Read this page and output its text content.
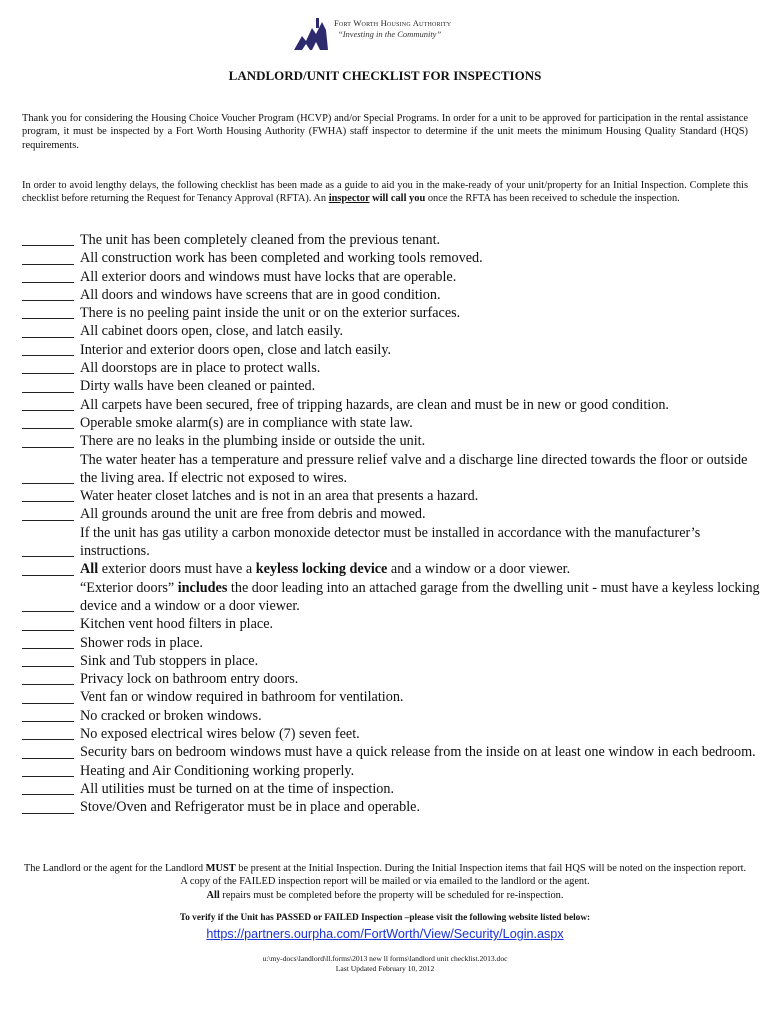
Fort Worth Housing Authority
“Investing in the Community”
LANDLORD/UNIT CHECKLIST FOR INSPECTIONS
Thank you for considering the Housing Choice Voucher Program (HCVP) and/or Special Programs. In order for a unit to be approved for participation in the rental assistance program, it must be inspected by a Fort Worth Housing Authority (FWHA) staff inspector to determine if the unit meets the minimum Housing Quality Standard (HQS) requirements.
In order to avoid lengthy delays, the following checklist has been made as a guide to aid you in the make-ready of your unit/property for an Initial Inspection. Complete this checklist before returning the Request for Tenancy Approval (RFTA). An inspector will call you once the RFTA has been received to schedule the inspection.
The unit has been completely cleaned from the previous tenant.
All construction work has been completed and working tools removed.
All exterior doors and windows must have locks that are operable.
All doors and windows have screens that are in good condition.
There is no peeling paint inside the unit or on the exterior surfaces.
All cabinet doors open, close, and latch easily.
Interior and exterior doors open, close and latch easily.
All doorstops are in place to protect walls.
Dirty walls have been cleaned or painted.
All carpets have been secured, free of tripping hazards, are clean and must be in new or good condition.
Operable smoke alarm(s) are in compliance with state law.
There are no leaks in the plumbing inside or outside the unit.
The water heater has a temperature and pressure relief valve and a discharge line directed towards the floor or outside the living area. If electric not exposed to wires.
Water heater closet latches and is not in an area that presents a hazard.
All grounds around the unit are free from debris and mowed.
If the unit has gas utility a carbon monoxide detector must be installed in accordance with the manufacturer’s instructions.
All exterior doors must have a keyless locking device and a window or a door viewer.
“Exterior doors” includes the door leading into an attached garage from the dwelling unit - must have a keyless locking device and a window or a door viewer.
Kitchen vent hood filters in place.
Shower rods in place.
Sink and Tub stoppers in place.
Privacy lock on bathroom entry doors.
Vent fan or window required in bathroom for ventilation.
No cracked or broken windows.
No exposed electrical wires below (7) seven feet.
Security bars on bedroom windows must have a quick release from the inside on at least one window in each bedroom.
Heating and Air Conditioning working properly.
All utilities must be turned on at the time of inspection.
Stove/Oven and Refrigerator must be in place and operable.
The Landlord or the agent for the Landlord MUST be present at the Initial Inspection. During the Initial Inspection items that fail HQS will be noted on the inspection report. A copy of the FAILED inspection report will be mailed or via emailed to the landlord or the agent.
All repairs must be completed before the property will be scheduled for re-inspection.
To verify if the Unit has PASSED or FAILED Inspection –please visit the following website listed below:
https://partners.ourpha.com/FortWorth/View/Security/Login.aspx
u:\my-docs\landlord\ll.forms\2013 new ll forms\landlord unit checklist.2013.doc
Last Updated February 10, 2012
